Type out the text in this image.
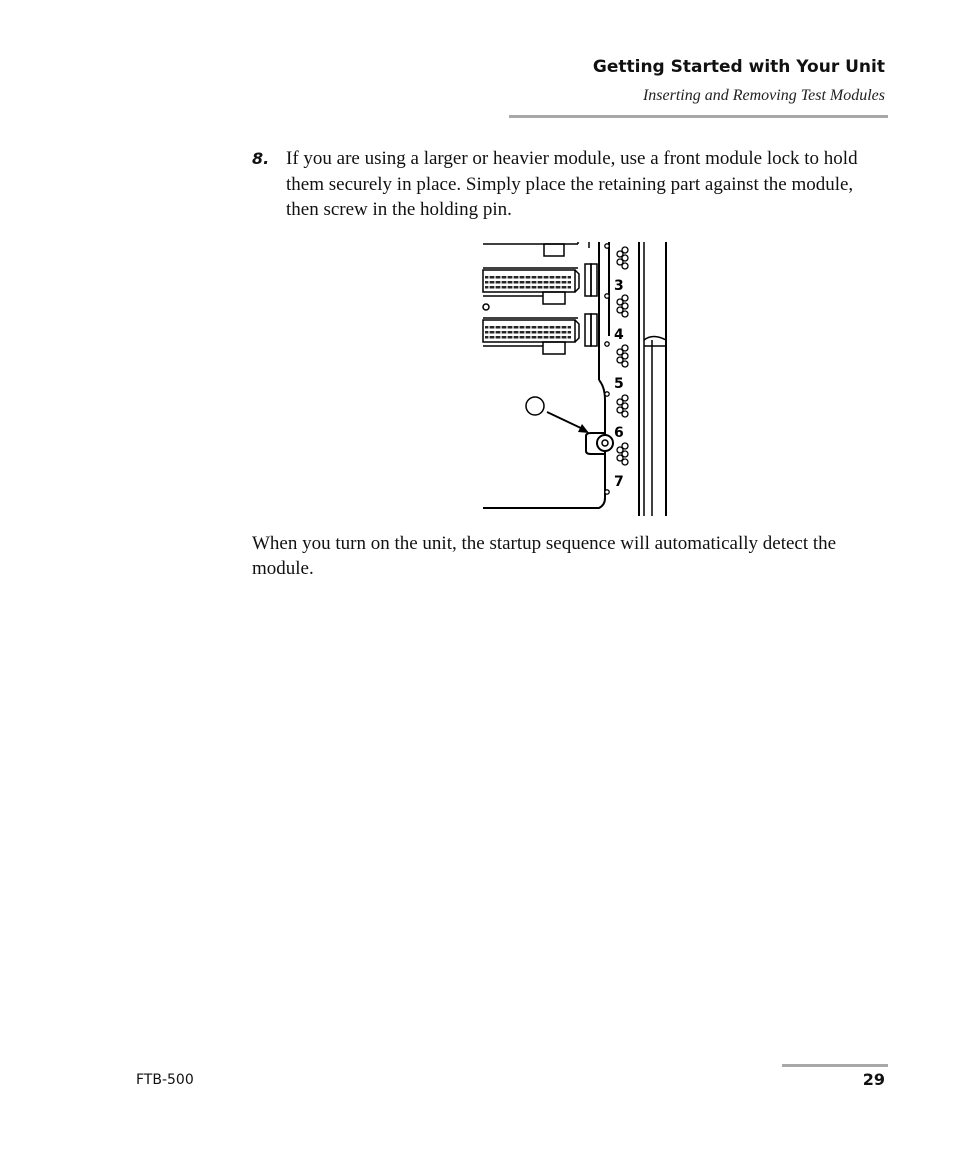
Getting Started with Your Unit
Inserting and Removing Test Modules
8. If you are using a larger or heavier module, use a front module lock to hold them securely in place. Simply place the retaining part against the module, then screw in the holding pin.
3
4
5
6
7
When you turn on the unit, the startup sequence will automatically detect the module.
FTB-500	29
